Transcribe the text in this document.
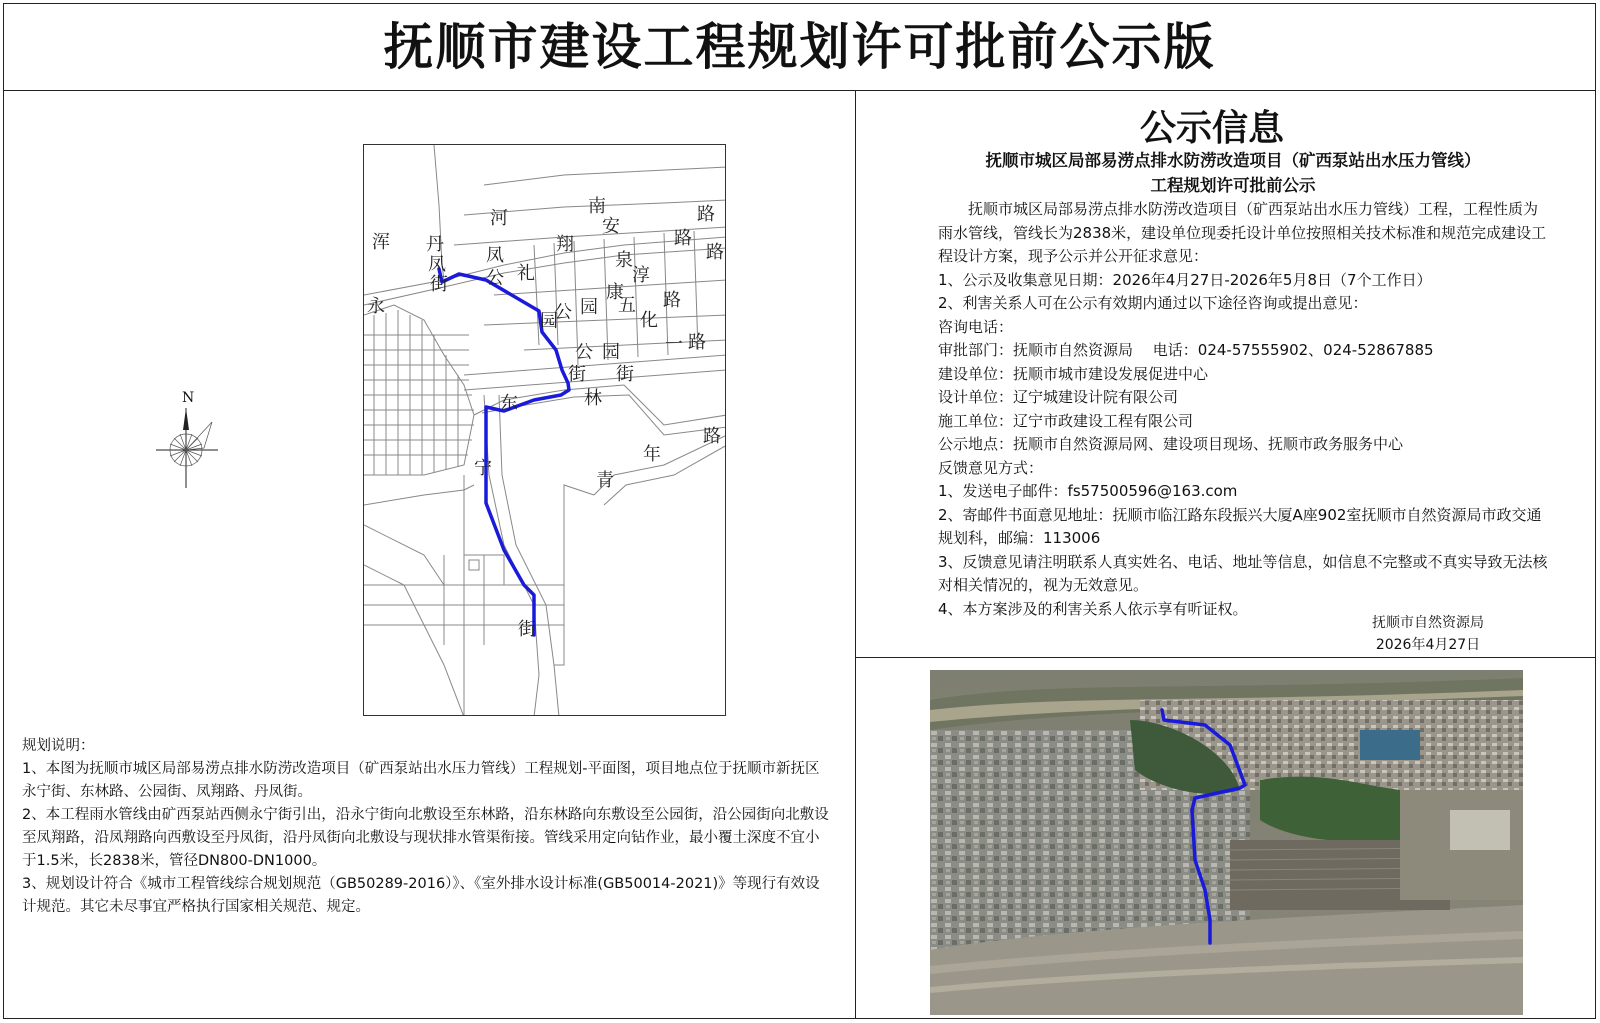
抚顺市建设工程规划许可批前公示版
N
浑 丹
凤
街
河
凤
公 礼
翔
南
安
泉
路
路
路
淳
康
五
园
园
公	化
路
一
公 园
街 街
路
永
东	林
宁
青
年
路
街

规划说明：

1、本图为抚顺市城区局部易涝点排水防涝改造项目（矿西泵站出水压力管线）工程规划-平面图，项目地点位于抚顺市新抚区永宁街、东林路、公园街、凤翔路、丹凤街。

2、本工程雨水管线由矿西泵站西侧永宁街引出，沿永宁街向北敷设至东林路，沿东林路向东敷设至公园街，沿公园街向北敷设至凤翔路，沿凤翔路向西敷设至丹凤街，沿丹凤街向北敷设与现状排水管渠衔接。管线采用定向钻作业，最小覆土深度不宜小于1.5米，长2838米，管径DN800-DN1000。

3、规划设计符合《城市工程管线综合规划规范（GB50289-2016）》、《室外排水设计标准(GB50014-2021)》等现行有效设计规范。其它未尽事宜严格执行国家相关规范、规定。

公示信息
抚顺市城区局部易涝点排水防涝改造项目（矿西泵站出水压力管线）
工程规划许可批前公示

抚顺市城区局部易涝点排水防涝改造项目（矿西泵站出水压力管线）工程，工程性质为雨水管线，管线长为2838米，建设单位现委托设计单位按照相关技术标准和规范完成建设工程设计方案，现予公示并公开征求意见：

1、公示及收集意见日期：2026年4月27日-2026年5月8日（7个工作日）

2、利害关系人可在公示有效期内通过以下途径咨询或提出意见：

咨询电话：

审批部门：抚顺市自然资源局　 电话：024-57555902、024-52867885

建设单位：抚顺市城市建设发展促进中心

设计单位：辽宁城建设计院有限公司

施工单位：辽宁市政建设工程有限公司

公示地点：抚顺市自然资源局网、建设项目现场、抚顺市政务服务中心

反馈意见方式：

1、发送电子邮件：fs57500596@163.com

2、寄邮件书面意见地址：抚顺市临江路东段振兴大厦A座902室抚顺市自然资源局市政交通规划科，邮编：113006

3、反馈意见请注明联系人真实姓名、电话、地址等信息，如信息不完整或不真实导致无法核对相关情况的，视为无效意见。

4、本方案涉及的利害关系人依示享有听证权。

抚顺市自然资源局
2026年4月27日
